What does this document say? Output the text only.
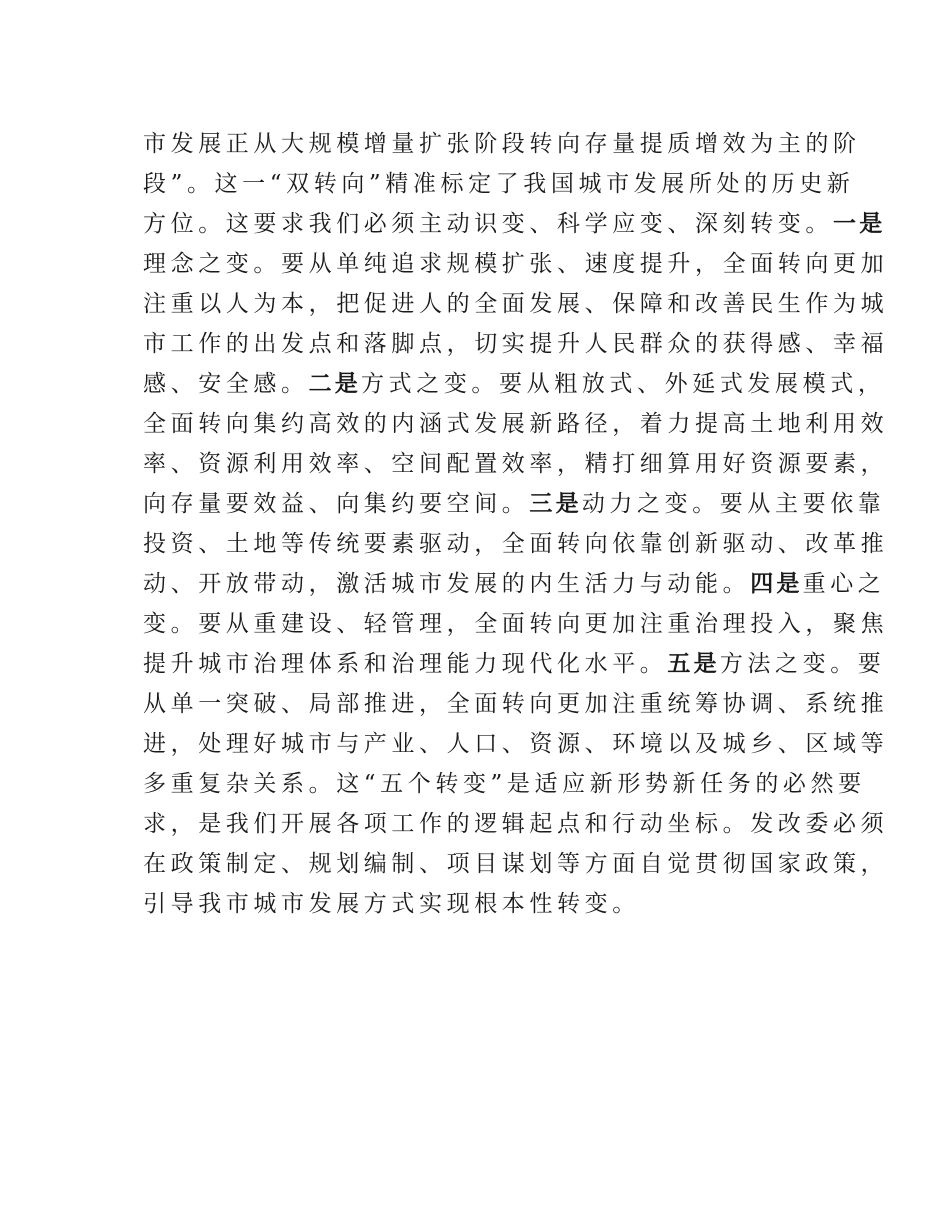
市发展正从大规模增量扩张阶段转向存量提质增效为主的阶
段”。这一“双转向”精准标定了我国城市发展所处的历史新
方位。这要求我们必须主动识变、科学应变、深刻转变。一是
理念之变。要从单纯追求规模扩张、速度提升，全面转向更加
注重以人为本，把促进人的全面发展、保障和改善民生作为城
市工作的出发点和落脚点，切实提升人民群众的获得感、幸福
感、安全感。二是方式之变。要从粗放式、外延式发展模式，
全面转向集约高效的内涵式发展新路径，着力提高土地利用效
率、资源利用效率、空间配置效率，精打细算用好资源要素，
向存量要效益、向集约要空间。三是动力之变。要从主要依靠
投资、土地等传统要素驱动，全面转向依靠创新驱动、改革推
动、开放带动，激活城市发展的内生活力与动能。四是重心之
变。要从重建设、轻管理，全面转向更加注重治理投入，聚焦
提升城市治理体系和治理能力现代化水平。五是方法之变。要
从单一突破、局部推进，全面转向更加注重统筹协调、系统推
进，处理好城市与产业、人口、资源、环境以及城乡、区域等
多重复杂关系。这“五个转变”是适应新形势新任务的必然要
求，是我们开展各项工作的逻辑起点和行动坐标。发改委必须
在政策制定、规划编制、项目谋划等方面自觉贯彻国家政策，
引导我市城市发展方式实现根本性转变。
